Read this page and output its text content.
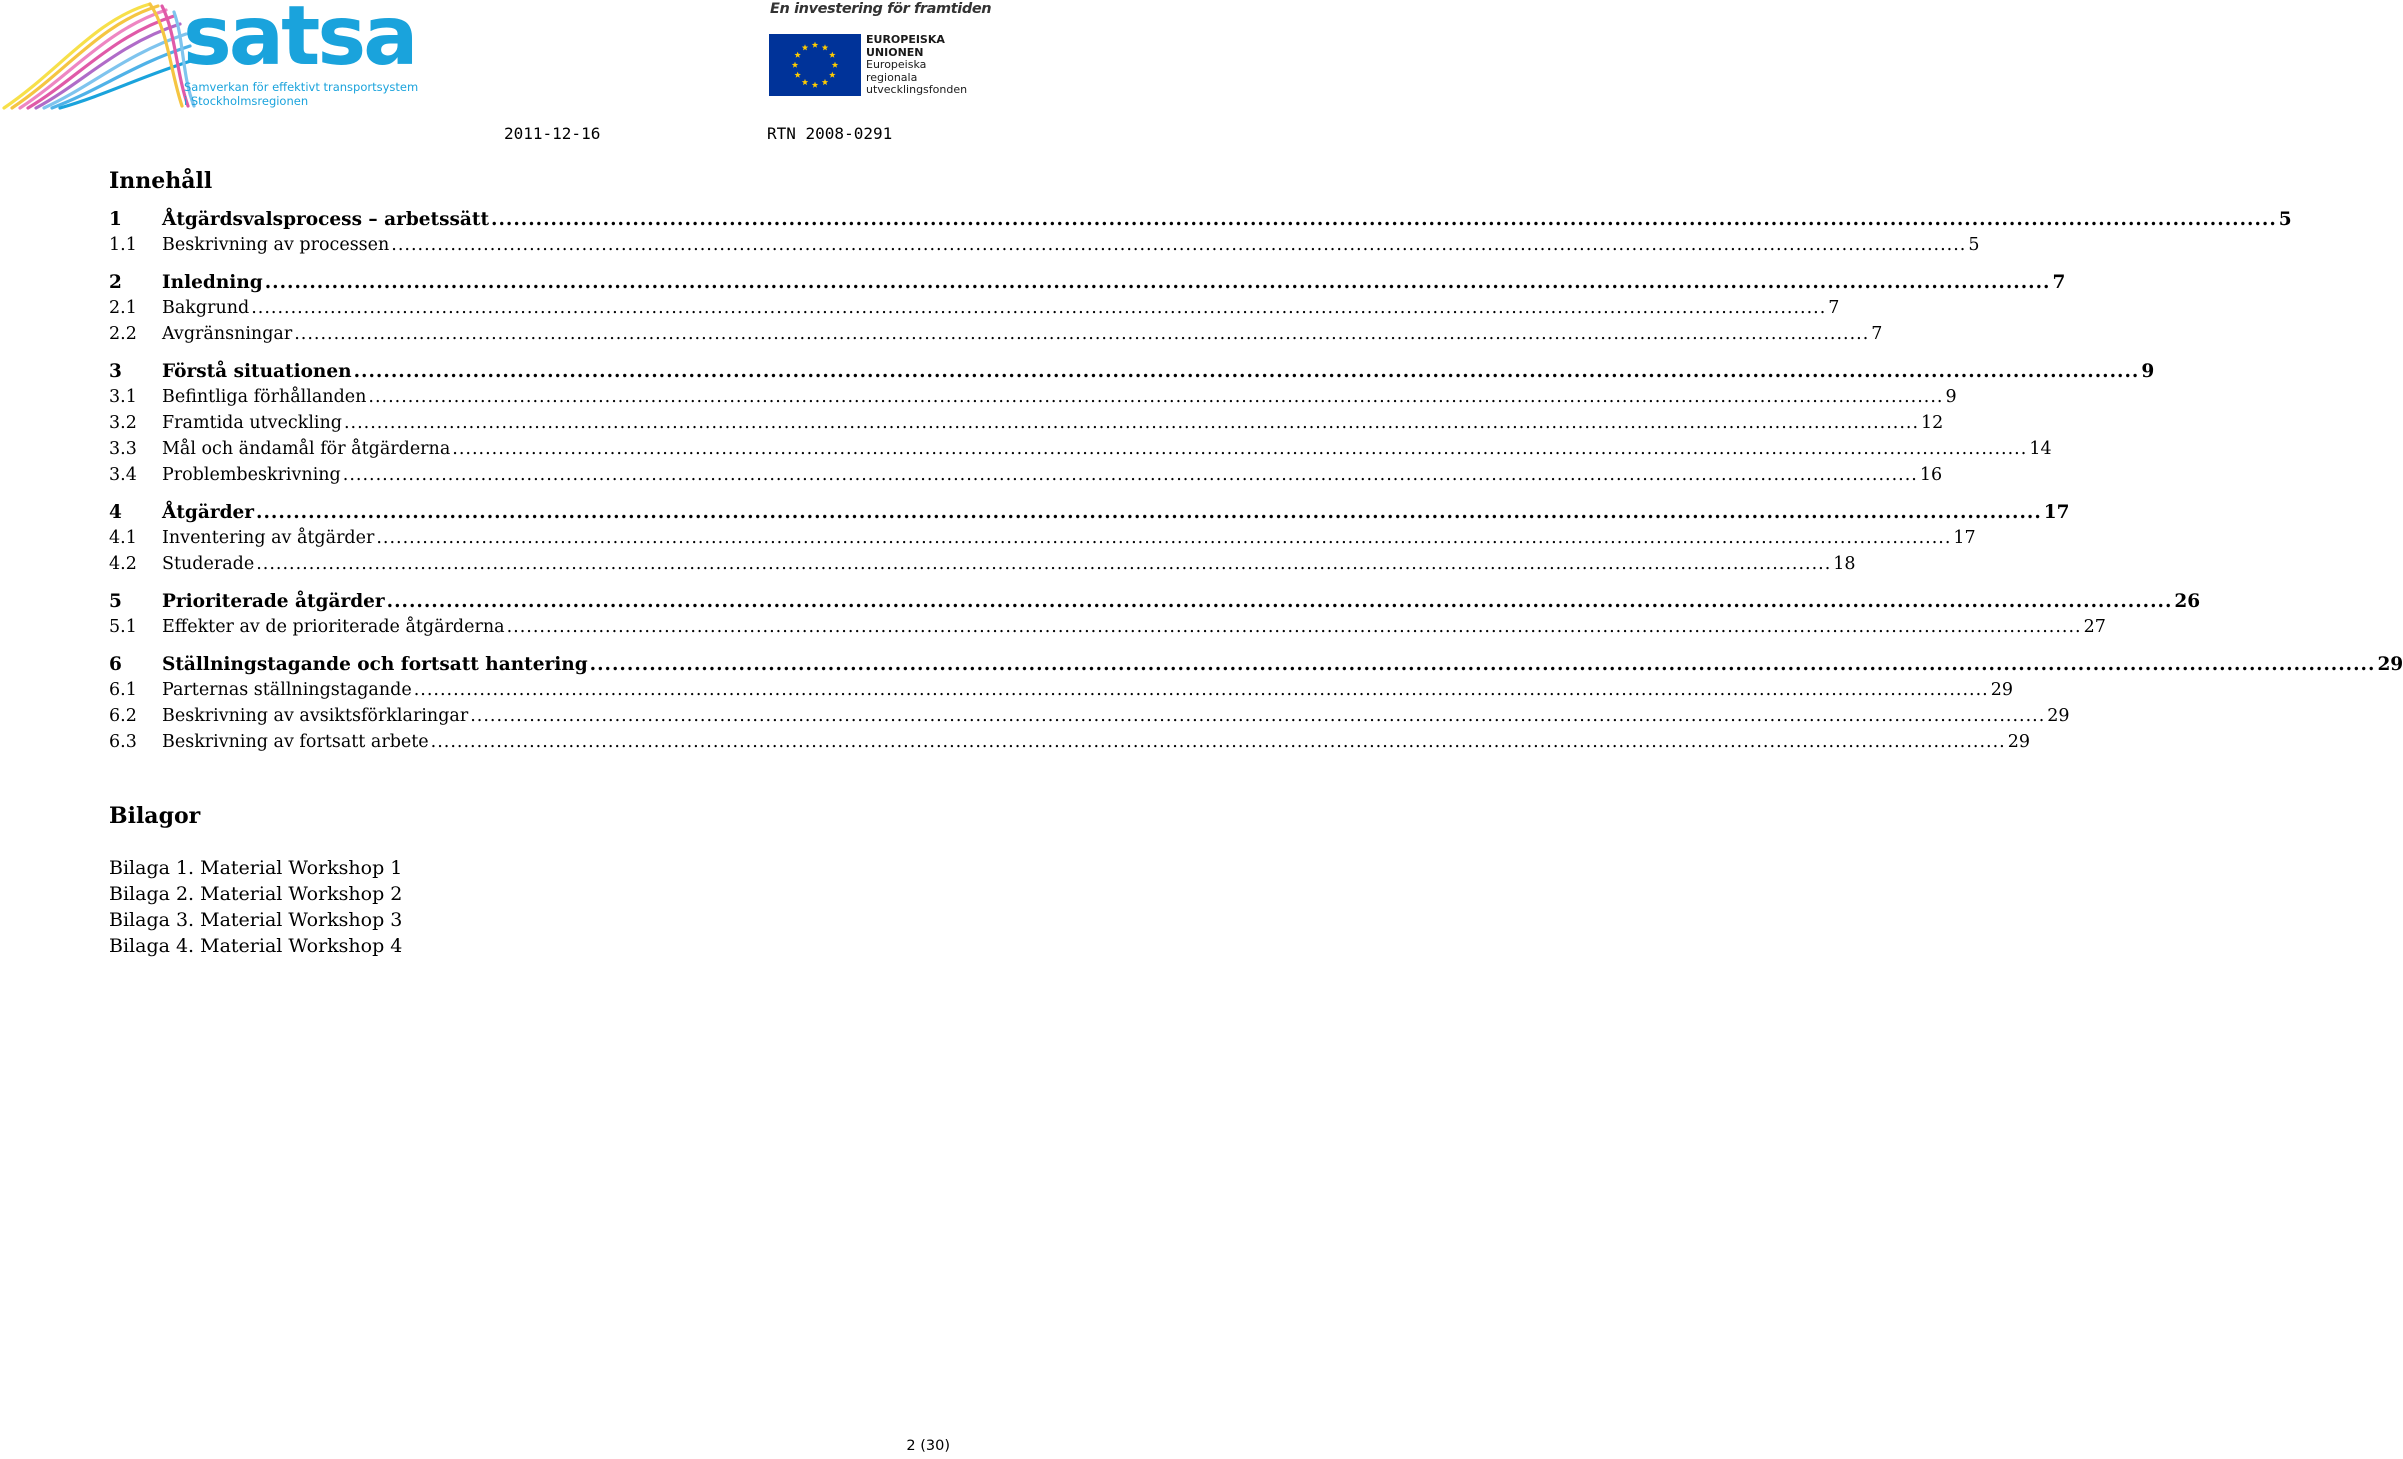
satsa
Samverkan för effektivt transportsystem
i Stockholmsregionen
En investering för framtiden
EUROPEISKA
UNIONEN
Europeiska
regionala
utvecklingsfonden
2011-12-16	RTN 2008-0291
Innehåll
1	Åtgärdsvalsprocess – arbetssätt .....	5
1.1	Beskrivning av processen .....	5
2	Inledning .....	7
2.1	Bakgrund .....	7
2.2	Avgränsningar .....	7
3	Förstå situationen .....	9
3.1	Befintliga förhållanden .....	9
3.2	Framtida utveckling .....	12
3.3	Mål och ändamål för åtgärderna .....	14
3.4	Problembeskrivning .....	16
4	Åtgärder .....	17
4.1	Inventering av åtgärder .....	17
4.2	Studerade .....	18
5	Prioriterade åtgärder .....	26
5.1	Effekter av de prioriterade åtgärderna .....	27
6	Ställningstagande och fortsatt hantering .....	29
6.1	Parternas ställningstagande .....	29
6.2	Beskrivning av avsiktsförklaringar .....	29
6.3	Beskrivning av fortsatt arbete .....	29
Bilagor
Bilaga 1. Material Workshop 1
Bilaga 2. Material Workshop 2
Bilaga 3. Material Workshop 3
Bilaga 4. Material Workshop 4
2 (30)
